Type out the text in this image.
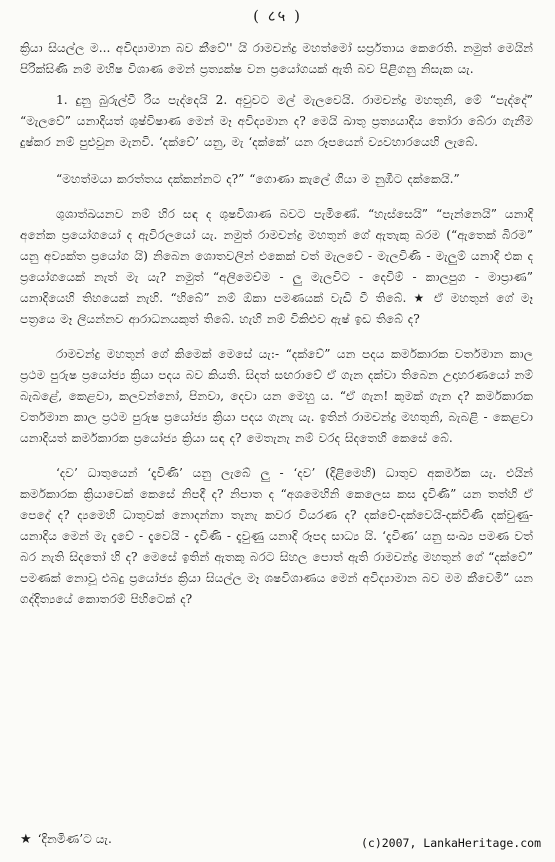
( ८५ )

ක්‍රියා සියල්ල ම... අවිද්‍යාමාන බව කීවේ'' යි රාමචන්ද්‍ර මහත්මෝ සර්ප්‍රතාය කෙරෙති. නමුත් මෙයින් පිරික්සිණි නම් මහිෂ විශාණ මෙන් ප්‍රත්‍යක්ෂ වන ප්‍රයෝගයක් ඇති බව පිළිගනු නිසැක යැ.

1. දුනු බුරුල්වී රිය පැද්දෙයි 2. අවුවට මල් මැලවෙයි. රාමචන්ද්‍ර මහතුනි, මේ “පැද්දේ” “මැලවේ” යනාදියත් ශුෂ්විෂාණ මෙන් මෑ අවිද්‍යමාන ද? මෙයි ඛාතු ප්‍රත්‍යයාදිය තෝරා බේරා ගැනීම දුෂ්කර නම් පුළුවුන මැනවි. ‘දක්වේ’ යනු, මැ ‘දක්කේ’ යන රූපයෙන් ව්‍යවහාරයෙහි ලැබේ.

“මහත්මයා කරත්තය දක්කන්නට ද?” “ගොණා කැලේ ගියා ම නුඹීට දක්කෙයි.”

ශුශාත්ඛයනව නම් හිර සඳ ද ශුෂවිශාණ බවට පැමිණේ. “හැස්සෙයි” “පැන්නෙයි” යනාදි අනේක ප්‍රයෝගයෝ ද ඇවිරලයෝ යැ. නමුත් රාමචන්ද්‍ර මහතුන් ගේ ඇතැකු බරම (“ඇතෙක් බිරම” යනු අව්‍යක්ත ප්‍රයෝග යි) නිබෙන ශොතවලින් එකෙක් වත් මැලවේ - මැලවිණි - මැලුම් යනාදි එක ද ප්‍රයෝගයෙක් නැත් මැ යැ? නමුත් “අලිමෙච්ම - ලු මැලවිට - දෙවිම් - කාලපුග - මාප්‍රාණ” යනාදියෙහි තිහයෙක් නැහි. “හිබේ” නම් ඕකා පමණයක් වැඩි වී තිබේ. ★ ඒ මහතුන් ගේ මෑ පත්‍රයෙ මෑ ලියන්නව ආරාධනයකුත් තිබේ. හැහි නම් විකිළුව ඇෂ් ඉඩ තිබේ ද?

රාමචන්ද්‍ර මහතුන් ගේ කිමෙක් මෙසේ යැ:- “දක්වේ” යන පදය කර්මකාරක වර්තමාන කාල ප්‍රථම පුරුෂ ප්‍රයෝජ්‍ය ක්‍රියා පදය බව කියති. සිදත් සඟරාවේ ඒ ගැන දක්වා තිබෙන උදාහරණයෝ නම් බැබළේ, කෙළවා, කලවන්නෝ, පිනවා, දෙවා යන මෙහු ය. “ඒ ගැන! කුමක් ගැන ද? කර්මකාරක වර්තමාන කාල ප්‍රථම පුරුෂ ප්‍රයෝජ්‍ය ක්‍රියා පදය ගැනැ යැ. ඉතින් රාමචන්ද්‍ර මහතුනි, බැබළි - කෙළවා යනාදියත් කර්මකාරක ප්‍රයෝජ්‍ය ක්‍රියා සඳ ද? මෙතැනැ නම් වරද සිදතෙහි කෙසේ බේ.

‘දව’ ධාතුයෙන් ‘දැවිණි’ යනු ලැබේ ලු - ‘දව’ (දිළිමෙහි) ධාතුව අකර්මක යැ. එයින් කර්මකාරක ක්‍රියාවෙක් කෙසේ නිපදී ද? නිපාත ද “අශමෙහිනි කෙලෙස කස දැවිණි” යන තත්හි ඒ පෙදේ ද? ද්‍යමෙහි ධාතුවක් නොදන්නා තැනැ කවර වියරණ ද? දක්වේ-දක්වෙයි-දක්විණි දක්වුණු-යනාදිය මෙන් මැ දැවේ - දැවෙයි - දැවිණි - දැවුණු යනාදි රූපද සාධ්‍ය යි. ‘දැවිණ’ යනු සංඛ්‍ය පමණ වත් බර නැති සිදතෝ හි ද? මෙසේ ඉතින් ඇතකු බරට සිහල පොත් ඇති රාමචන්ද්‍ර මහතුන් ගේ “දක්වේ” පමණක් නොවූ එබදු ප්‍රයෝජ්‍ය ක්‍රියා සියල්ල මෑ ශෂවිශාණය මෙන් අවිද්‍යාමාන බව මම කීවෙමි” යන ගද්දිත්‍යයේ කොතරම් පිහිටෙක් ද?

★ ‘දිනමිණ’ට යැ.	(c)2007, LankaHeritage.com
